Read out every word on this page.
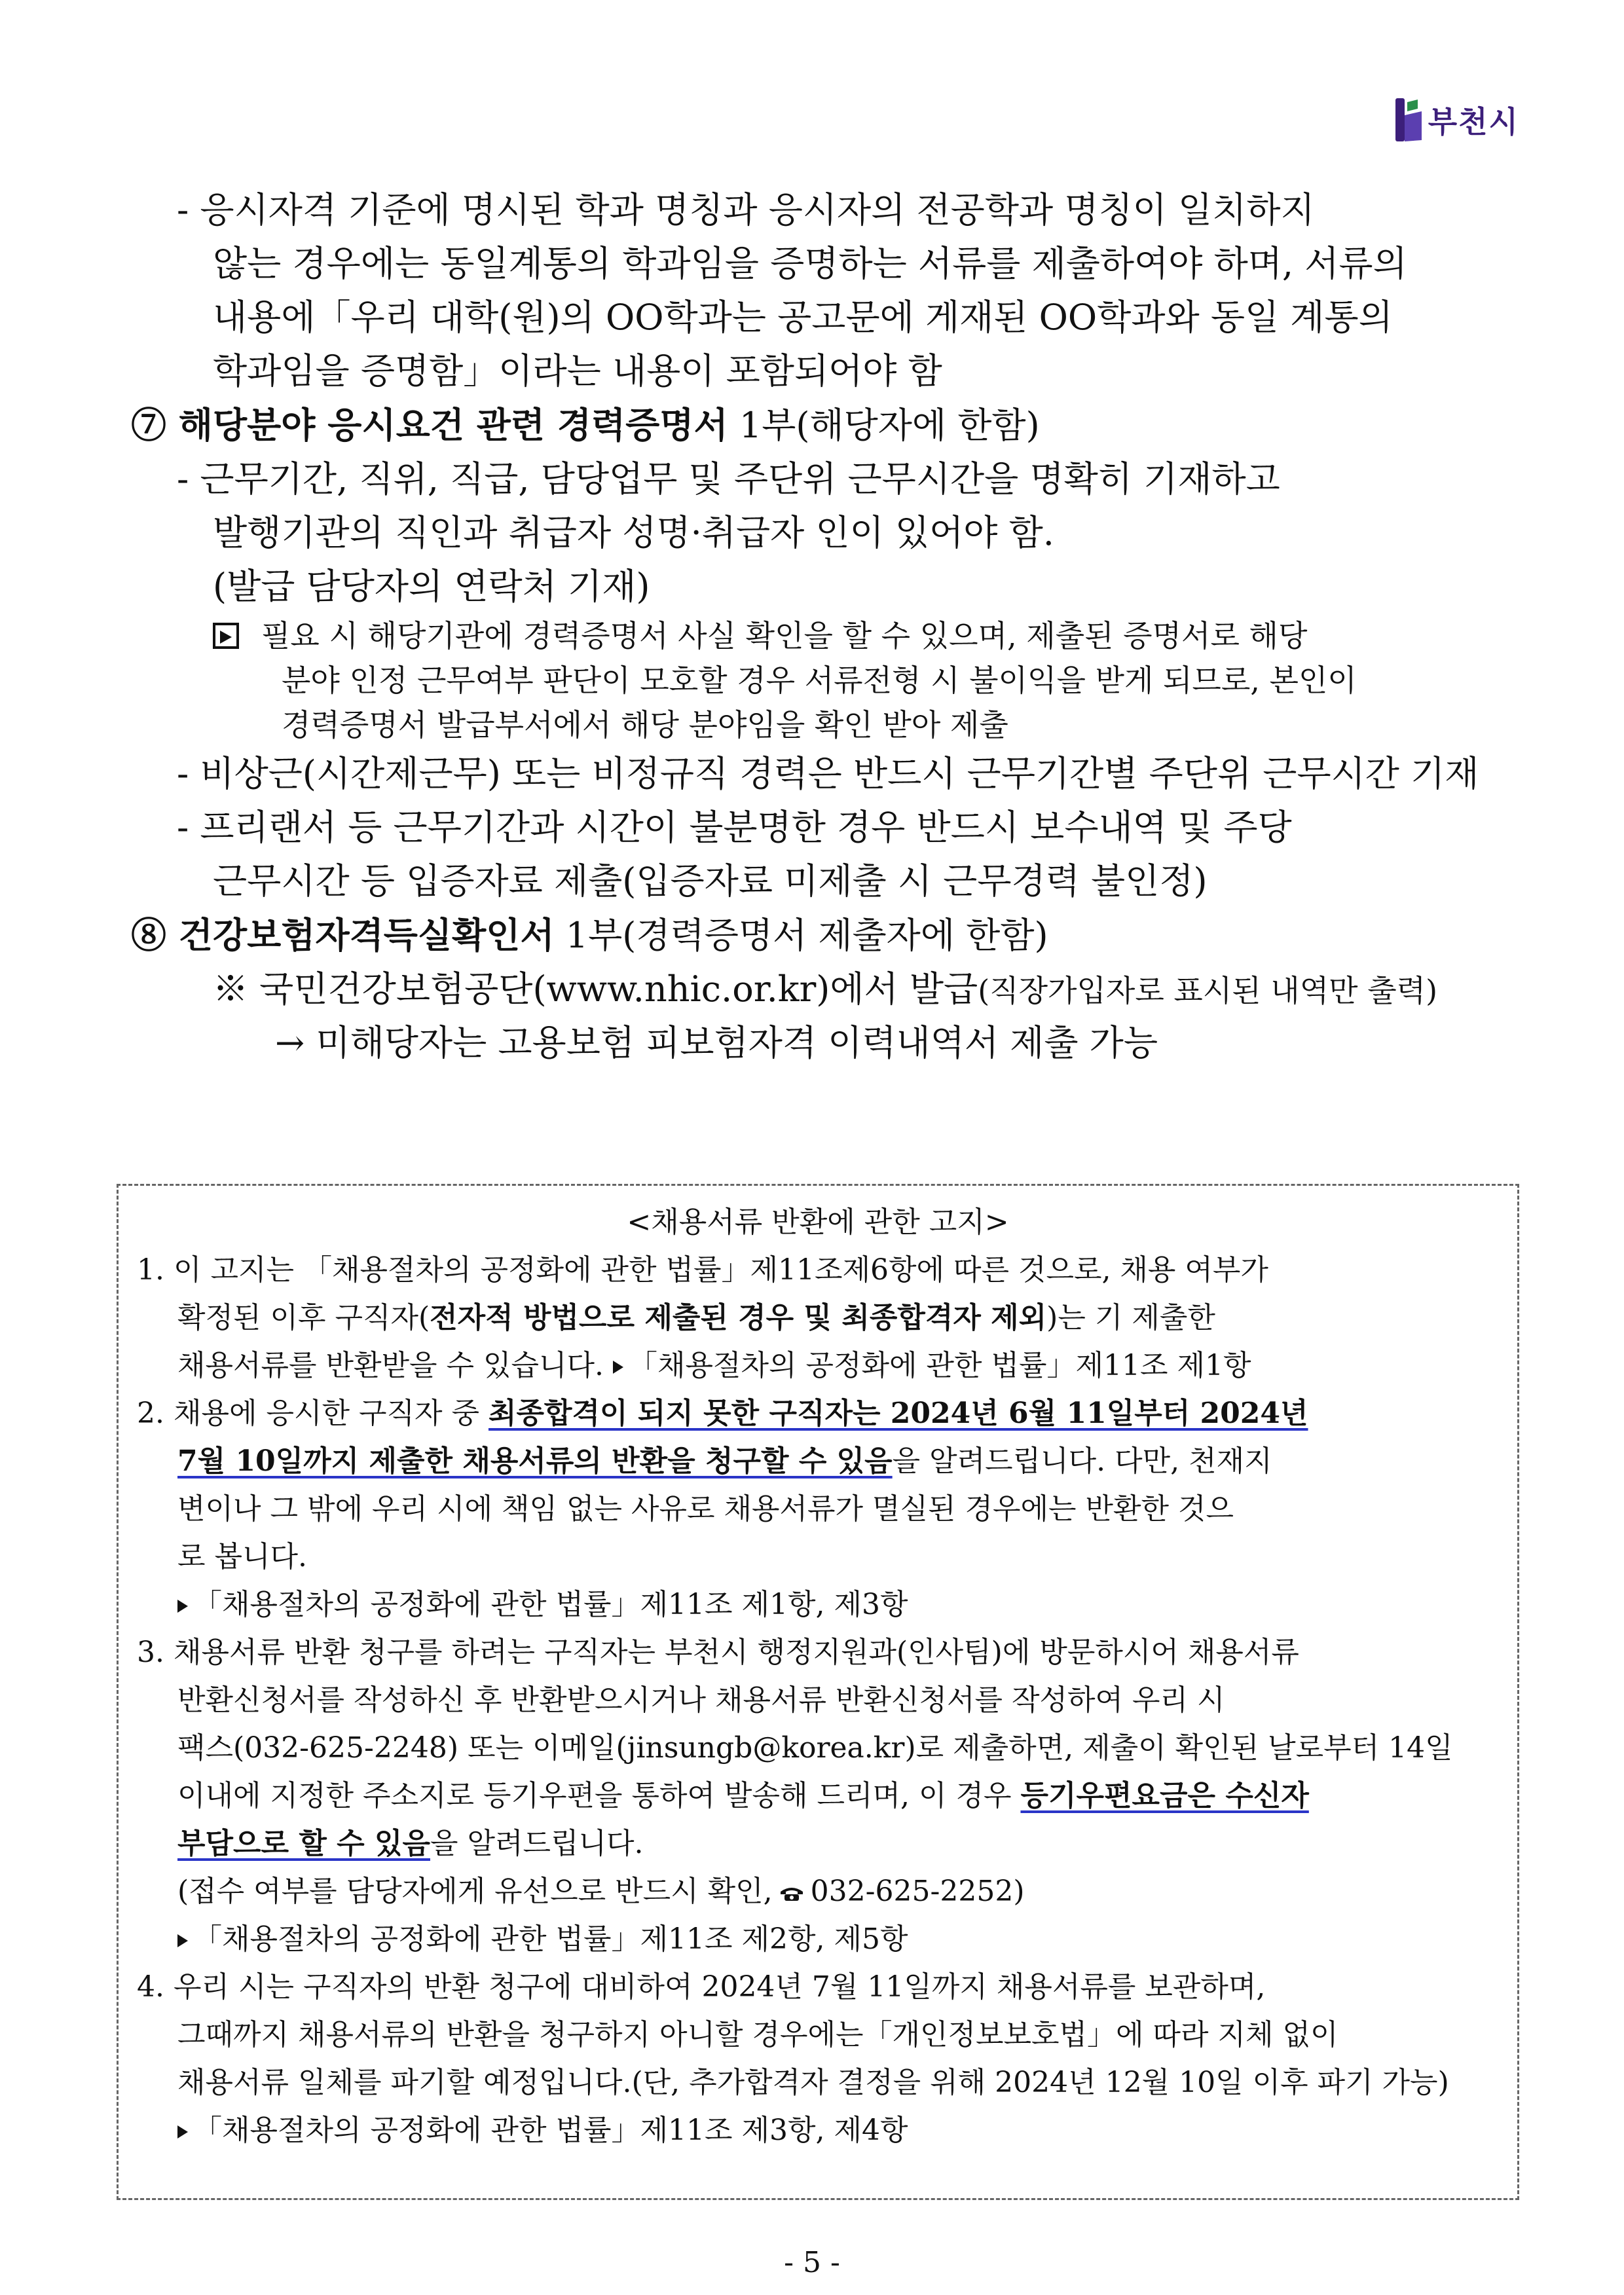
부천시
- 응시자격 기준에 명시된 학과 명칭과 응시자의 전공학과 명칭이 일치하지
않는 경우에는 동일계통의 학과임을 증명하는 서류를 제출하여야 하며, 서류의
내용에「우리 대학(원)의 OO학과는 공고문에 게재된 OO학과와 동일 계통의
학과임을 증명함」이라는 내용이 포함되어야 함
⑦ 해당분야 응시요건 관련 경력증명서 1부(해당자에 한함)
- 근무기간, 직위, 직급, 담당업무 및 주단위 근무시간을 명확히 기재하고
발행기관의 직인과 취급자 성명·취급자 인이 있어야 함.
(발급 담당자의 연락처 기재)
필요 시 해당기관에 경력증명서 사실 확인을 할 수 있으며, 제출된 증명서로 해당
분야 인정 근무여부 판단이 모호할 경우 서류전형 시 불이익을 받게 되므로, 본인이
경력증명서 발급부서에서 해당 분야임을 확인 받아 제출
- 비상근(시간제근무) 또는 비정규직 경력은 반드시 근무기간별 주단위 근무시간 기재
- 프리랜서 등 근무기간과 시간이 불분명한 경우 반드시 보수내역 및 주당
근무시간 등 입증자료 제출(입증자료 미제출 시 근무경력 불인정)
⑧ 건강보험자격득실확인서 1부(경력증명서 제출자에 한함)
※ 국민건강보험공단(www.nhic.or.kr)에서 발급(직장가입자로 표시된 내역만 출력)
→ 미해당자는 고용보험 피보험자격 이력내역서 제출 가능
<채용서류 반환에 관한 고지>
1. 이 고지는 「채용절차의 공정화에 관한 법률」제11조제6항에 따른 것으로, 채용 여부가
확정된 이후 구직자(전자적 방법으로 제출된 경우 및 최종합격자 제외)는 기 제출한
채용서류를 반환받을 수 있습니다. 「채용절차의 공정화에 관한 법률」제11조 제1항
2. 채용에 응시한 구직자 중 최종합격이 되지 못한 구직자는 2024년 6월 11일부터 2024년
7월 10일까지 제출한 채용서류의 반환을 청구할 수 있음을 알려드립니다. 다만, 천재지
변이나 그 밖에 우리 시에 책임 없는 사유로 채용서류가 멸실된 경우에는 반환한 것으
로 봅니다.
「채용절차의 공정화에 관한 법률」제11조 제1항, 제3항
3. 채용서류 반환 청구를 하려는 구직자는 부천시 행정지원과(인사팀)에 방문하시어 채용서류
반환신청서를 작성하신 후 반환받으시거나 채용서류 반환신청서를 작성하여 우리 시
팩스(032-625-2248) 또는 이메일(jinsungb@korea.kr)로 제출하면, 제출이 확인된 날로부터 14일
이내에 지정한 주소지로 등기우편을 통하여 발송해 드리며, 이 경우 등기우편요금은 수신자
부담으로 할 수 있음을 알려드립니다.
(접수 여부를 담당자에게 유선으로 반드시 확인, 032-625-2252)
「채용절차의 공정화에 관한 법률」제11조 제2항, 제5항
4. 우리 시는 구직자의 반환 청구에 대비하여 2024년 7월 11일까지 채용서류를 보관하며,
그때까지 채용서류의 반환을 청구하지 아니할 경우에는「개인정보보호법」에 따라 지체 없이
채용서류 일체를 파기할 예정입니다.(단, 추가합격자 결정을 위해 2024년 12월 10일 이후 파기 가능)
「채용절차의 공정화에 관한 법률」제11조 제3항, 제4항
- 5 -
